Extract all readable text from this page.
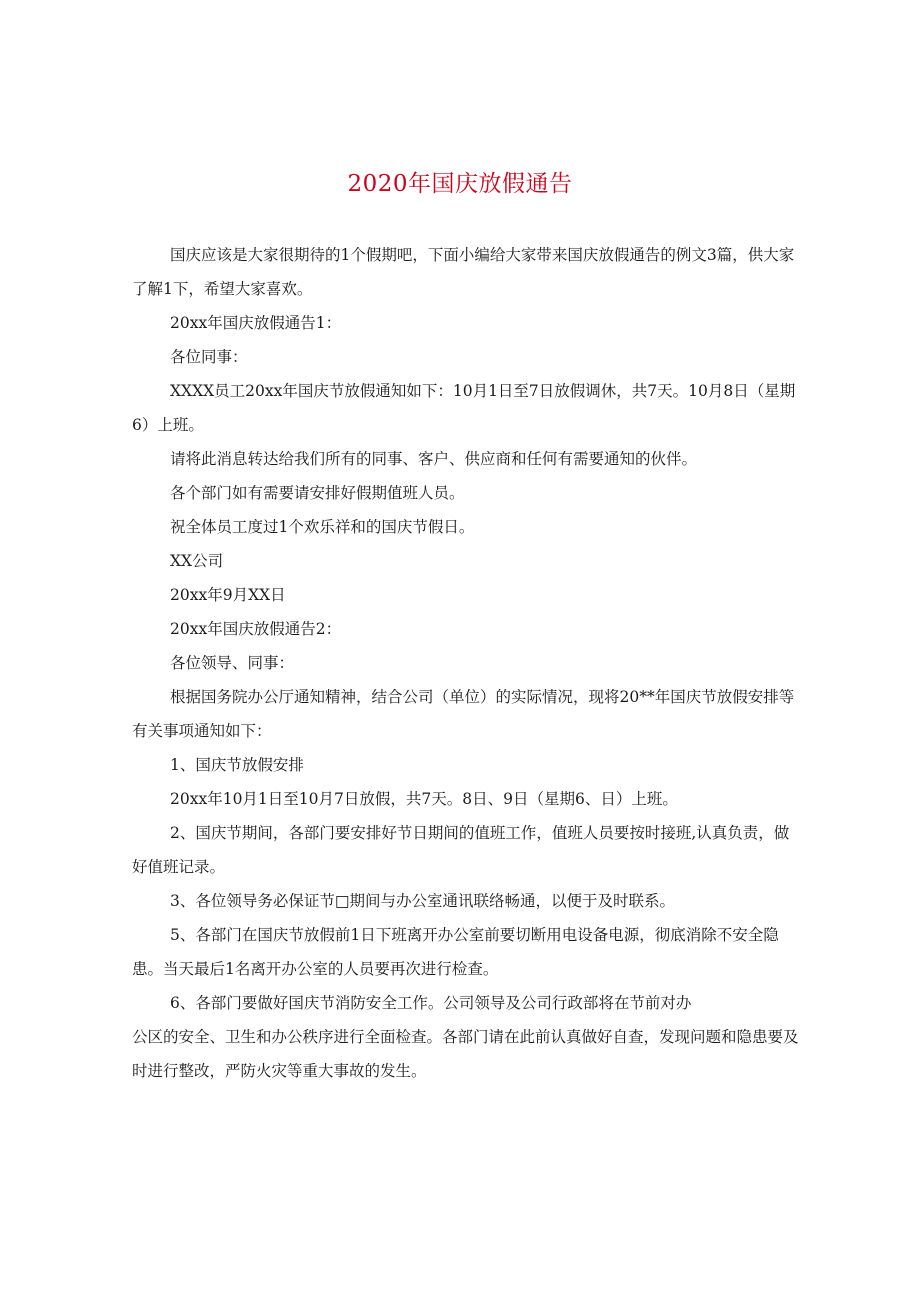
2020年国庆放假通告

国庆应该是大家很期待的1个假期吧，下面小编给大家带来国庆放假通告的例文3篇，供大家了解1下，希望大家喜欢。

20xx年国庆放假通告1：

各位同事：

XXXX员工20xx年国庆节放假通知如下：10月1日至7日放假调休，共7天。10月8日（星期6）上班。

请将此消息转达给我们所有的同事、客户、供应商和任何有需要通知的伙伴。

各个部门如有需要请安排好假期值班人员。

祝全体员工度过1个欢乐祥和的国庆节假日。

XX公司

20xx年9月XX日

20xx年国庆放假通告2：

各位领导、同事：

根据国务院办公厅通知精神，结合公司（单位）的实际情况，现将20**年国庆节放假安排等有关事项通知如下：

1、国庆节放假安排

20xx年10月1日至10月7日放假，共7天。8日、9日（星期6、日）上班。

2、国庆节期间，各部门要安排好节日期间的值班工作，值班人员要按时接班,认真负责，做好值班记录。

3、各位领导务必保证节□期间与办公室通讯联络畅通，以便于及时联系。

5、各部门在国庆节放假前1日下班离开办公室前要切断用电设备电源，彻底消除不安全隐患。当天最后1名离开办公室的人员要再次进行检查。

6、各部门要做好国庆节消防安全工作。公司领导及公司行政部将在节前对办

公区的安全、卫生和办公秩序进行全面检查。各部门请在此前认真做好自查，发现问题和隐患要及时进行整改，严防火灾等重大事故的发生。
